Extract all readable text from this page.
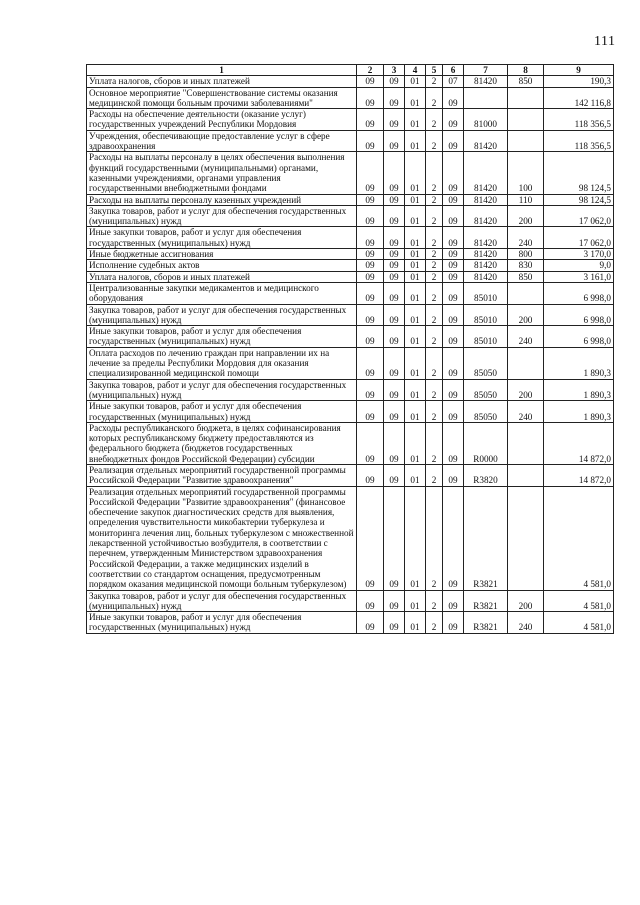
111
1	2	3	4	5	6	7	8	9
Уплата налогов, сборов и иных платежей	09	09	01	2	07	81420	850	190,3
Основное мероприятие "Совершенствование системы оказания медицинской помощи больным прочими заболеваниями"	09	09	01	2	09			142 116,8
Расходы на обеспечение деятельности (оказание услуг) государственных учреждений Республики Мордовия	09	09	01	2	09	81000		118 356,5
Учреждения, обеспечивающие предоставление услуг в сфере здравоохранения	09	09	01	2	09	81420		118 356,5
Расходы на выплаты персоналу в целях обеспечения выполнения функций государственными (муниципальными) органами, казенными учреждениями, органами управления государственными внебюджетными фондами	09	09	01	2	09	81420	100	98 124,5
Расходы на выплаты персоналу казенных учреждений	09	09	01	2	09	81420	110	98 124,5
Закупка товаров, работ и услуг для обеспечения государственных (муниципальных) нужд	09	09	01	2	09	81420	200	17 062,0
Иные закупки товаров, работ и услуг для обеспечения государственных (муниципальных) нужд	09	09	01	2	09	81420	240	17 062,0
Иные бюджетные ассигнования	09	09	01	2	09	81420	800	3 170,0
Исполнение судебных актов	09	09	01	2	09	81420	830	9,0
Уплата налогов, сборов и иных платежей	09	09	01	2	09	81420	850	3 161,0
Централизованные закупки медикаментов и медицинского оборудования	09	09	01	2	09	85010		6 998,0
Закупка товаров, работ и услуг для обеспечения государственных (муниципальных) нужд	09	09	01	2	09	85010	200	6 998,0
Иные закупки товаров, работ и услуг для обеспечения государственных (муниципальных) нужд	09	09	01	2	09	85010	240	6 998,0
Оплата расходов по лечению граждан при направлении их на лечение за пределы Республики Мордовия для оказания специализированной медицинской помощи	09	09	01	2	09	85050		1 890,3
Закупка товаров, работ и услуг для обеспечения государственных (муниципальных) нужд	09	09	01	2	09	85050	200	1 890,3
Иные закупки товаров, работ и услуг для обеспечения государственных (муниципальных) нужд	09	09	01	2	09	85050	240	1 890,3
Расходы республиканского бюджета, в целях софинансирования которых республиканскому бюджету предоставляются из федерального бюджета (бюджетов государственных внебюджетных фондов Российской Федерации) субсидии	09	09	01	2	09	R0000		14 872,0
Реализация отдельных мероприятий государственной программы Российской Федерации "Развитие здравоохранения"	09	09	01	2	09	R3820		14 872,0
Реализация отдельных мероприятий государственной программы Российской Федерации "Развитие здравоохранения" (финансовое обеспечение закупок диагностических средств для выявления, определения чувствительности микобактерии туберкулеза и мониторинга лечения лиц, больных туберкулезом с множественной лекарственной устойчивостью возбудителя, в соответствии с перечнем, утвержденным Министерством здравоохранения Российской Федерации, а также медицинских изделий в соответствии со стандартом оснащения, предусмотренным порядком оказания медицинской помощи больным туберкулезом)	09	09	01	2	09	R3821		4 581,0
Закупка товаров, работ и услуг для обеспечения государственных (муниципальных) нужд	09	09	01	2	09	R3821	200	4 581,0
Иные закупки товаров, работ и услуг для обеспечения государственных (муниципальных) нужд	09	09	01	2	09	R3821	240	4 581,0
